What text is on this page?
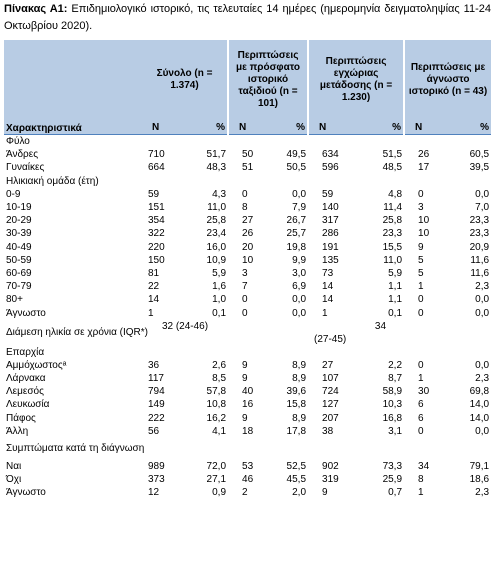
Πίνακας Α1: Επιδημιολογικό ιστορικό, τις τελευταίες 14 ημέρες (ημερομηνία δειγματοληψίας 11-24 Οκτωβρίου 2020).
	Σύνολο (n = 1.374)		Περιπτώσεις με πρόσφατο ιστορικό ταξιδιού (n = 101)		Περιπτώσεις εγχώριας μετάδοσης (n = 1.230)		Περιπτώσεις με άγνωστο ιστορικό (n = 43)	
Χαρακτηριστικά	N	%	N	%	N	%	N	%
Φύλο								
Άνδρες	710	51,7	50	49,5	634	51,5	26	60,5
Γυναίκες	664	48,3	51	50,5	596	48,5	17	39,5
Ηλικιακή ομάδα (έτη)								
0-9	59	4,3	0	0,0	59	4,8	0	0,0
10-19	151	11,0	8	7,9	140	11,4	3	7,0
20-29	354	25,8	27	26,7	317	25,8	10	23,3
30-39	322	23,4	26	25,7	286	23,3	10	23,3
40-49	220	16,0	20	19,8	191	15,5	9	20,9
50-59	150	10,9	10	9,9	135	11,0	5	11,6
60-69	81	5,9	3	3,0	73	5,9	5	11,6
70-79	22	1,6	7	6,9	14	1,1	1	2,3
80+	14	1,0	0	0,0	14	1,1	0	0,0
Άγνωστο	1	0,1	0	0,0	1	0,1	0	0,0
Διάμεση ηλικία σε χρόνια (IQR*)	32 (24-46)				34
(27-45)			

Επαρχία								
Αμμόχωστοςᵃ	36	2,6	9	8,9	27	2,2	0	0,0
Λάρνακα	117	8,5	9	8,9	107	8,7	1	2,3
Λεμεσός	794	57,8	40	39,6	724	58,9	30	69,8
Λευκωσία	149	10,8	16	15,8	127	10,3	6	14,0
Πάφος	222	16,2	9	8,9	207	16,8	6	14,0
Άλλη	56	4,1	18	17,8	38	3,1	0	0,0
Συμπτώματα κατά τη διάγνωση								
Ναι	989	72,0	53	52,5	902	73,3	34	79,1
Όχι	373	27,1	46	45,5	319	25,9	8	18,6
Άγνωστο	12	0,9	2	2,0	9	0,7	1	2,3
